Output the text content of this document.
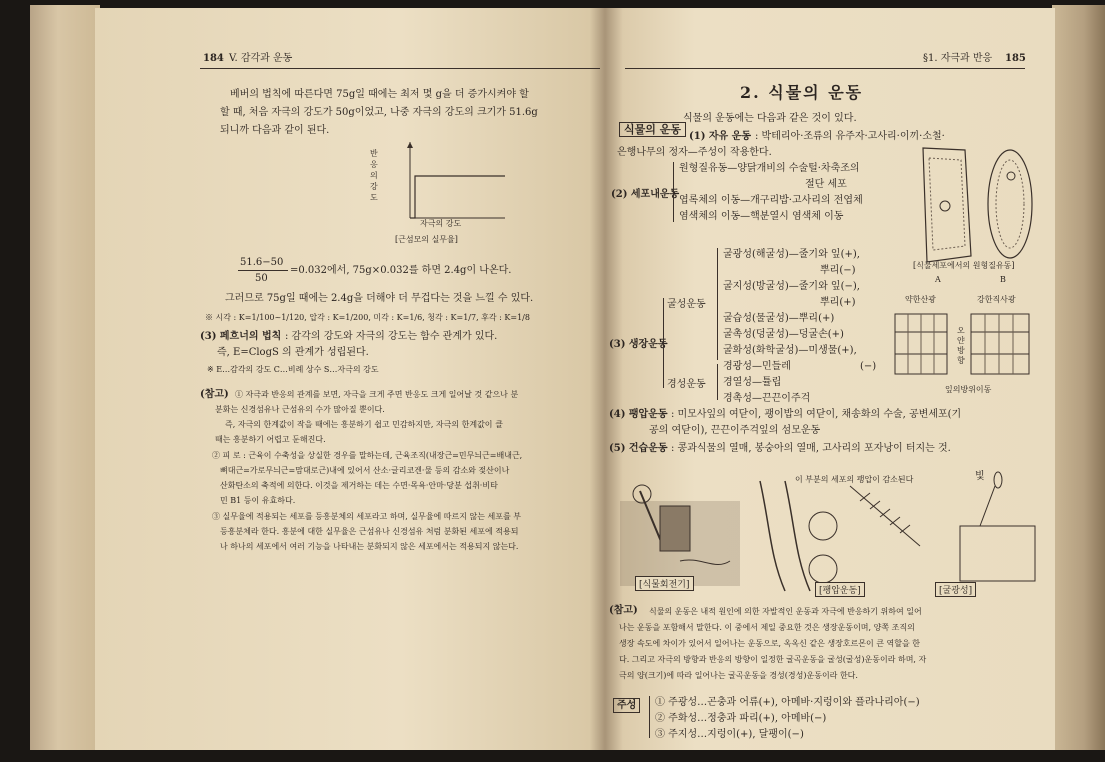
184 V. 감각과 운동
베버의 법칙에 따른다면 75g일 때에는 최저 몇 g을 더 증가시켜야 할
할 때, 처음 자극의 강도가 50g이었고, 나중 자극의 강도의 크기가 51.6g
되니까 다음과 같이 된다.
반응의 강도
자극의 강도
[근섬모의 실무율]
51.6−50
50
=0.032에서, 75g×0.032를 하면 2.4g이 나온다.
그러므로 75g일 때에는 2.4g을 더해야 더 무겁다는 것을 느낄 수 있다.
※ 시각 : K=1/100~1/120, 압각 : K=1/200, 미각 : K=1/6, 청각 : K=1/7, 후각 : K=1/8
(3) 페흐너의 법칙 : 감각의 강도와 자극의 강도는 함수 관계가 있다.
즉, E=ClogS 의 관계가 성립된다.
※ E…감각의 강도 C…비례 상수 S…자극의 강도
(참고) ① 자극과 반응의 관계를 보면, 자극을 크게 주면 반응도 크게 일어날 것 같으나 분
분화는 신경섬유나 근섬유의 수가 많아질 뿐이다.
즉, 자극의 한계값이 작을 때에는 흥분하기 쉽고 민감하지만, 자극의 한계값이 클
때는 흥분하기 어렵고 둔해진다.
② 피 로 : 근육이 수축성을 상실한 경우를 말하는데, 근육조직(내장근=민무늬근=배내근,
뼈대근=가로무늬근=맘대로근)내에 있어서 산소·글리코겐·물 등의 감소와 젖산이나
산화탄소의 축적에 의한다. 이것을 제거하는 데는 수면·목욕·안마·당분 섭취·비타
민 B1 등이 유효하다.
③ 실무율에 적용되는 세포를 등흥분체의 세포라고 하며, 실무율에 따르지 않는 세포를 부
등흥분체라 한다. 흥분에 대한 실무율은 근섬유나 신경섬유 처럼 분화된 세포에 적용되
나 하나의 세포에서 여러 기능을 나타내는 분화되지 않은 세포에서는 적용되지 않는다.
§1. 자극과 반응 185
2. 식물의 운동
식물의 운동
식물의 운동에는 다음과 같은 것이 있다.
(1) 자유 운동 : 박테리아·조류의 유주자·고사리·이끼·소철·
은행나무의 정자—주성이 작용한다.
(2) 세포내운동
원형질유동—양닭개비의 수술털·차축조의
절단 세포
엽록체의 이동—개구리밥·고사리의 전엽체
염색체의 이동—핵분열시 염색체 이동
[식물세포에서의 원형질유동]
A	B
(3) 생장운동
굴성운동
경성운동
굴광성(해굴성)—줄기와 잎(+),
뿌리(−)
굴지성(방굴성)—줄기와 잎(−),
뿌리(+)
굴습성(물굴성)—뿌리(+)
굴촉성(덩굴성)—덩굴손(+)
굴화성(화학굴성)—미생물(+),
경광성—민들레	(−)
경열성—튤립
경촉성—끈끈이주걱
약한산광	강한직사광
오얀 방향
잎의방위이동
(4) 팽압운동 : 미모사잎의 여닫이, 괭이밥의 여닫이, 채송화의 수술, 공변세포(기
공의 여닫이), 끈끈이주걱잎의 섬모운동
(5) 건습운동 : 콩과식물의 열매, 봉숭아의 열매, 고사리의 포자낭이 터지는 것.
이 부분의 세포의 팽압이 감소된다	빛
[식물회전기]
[팽압운동]	[굴광성]
(참고) 식물의 운동은 내적 원인에 의한 자발적인 운동과 자극에 반응하기 위하여 일어
나는 운동을 포함해서 말한다. 이 중에서 제일 중요한 것은 생장운동이며, 양쪽 조직의
생장 속도에 차이가 있어서 일어나는 운동으로, 옥옥신 같은 생장호르몬이 큰 역할을 한
다. 그리고 자극의 방향과 반응의 방향이 일정한 굴곡운동을 굴성(굴성)운동이라 하며, 자
극의 양(크기)에 따라 일어나는 굴곡운동을 경성(경성)운동이라 한다.
주성	① 주광성…곤충과 어류(+), 아메바·지렁이와 플라나리아(−)
② 주화성…정충과 파리(+), 아메바(−)
③ 주지성…지렁이(+), 달팽이(−)
